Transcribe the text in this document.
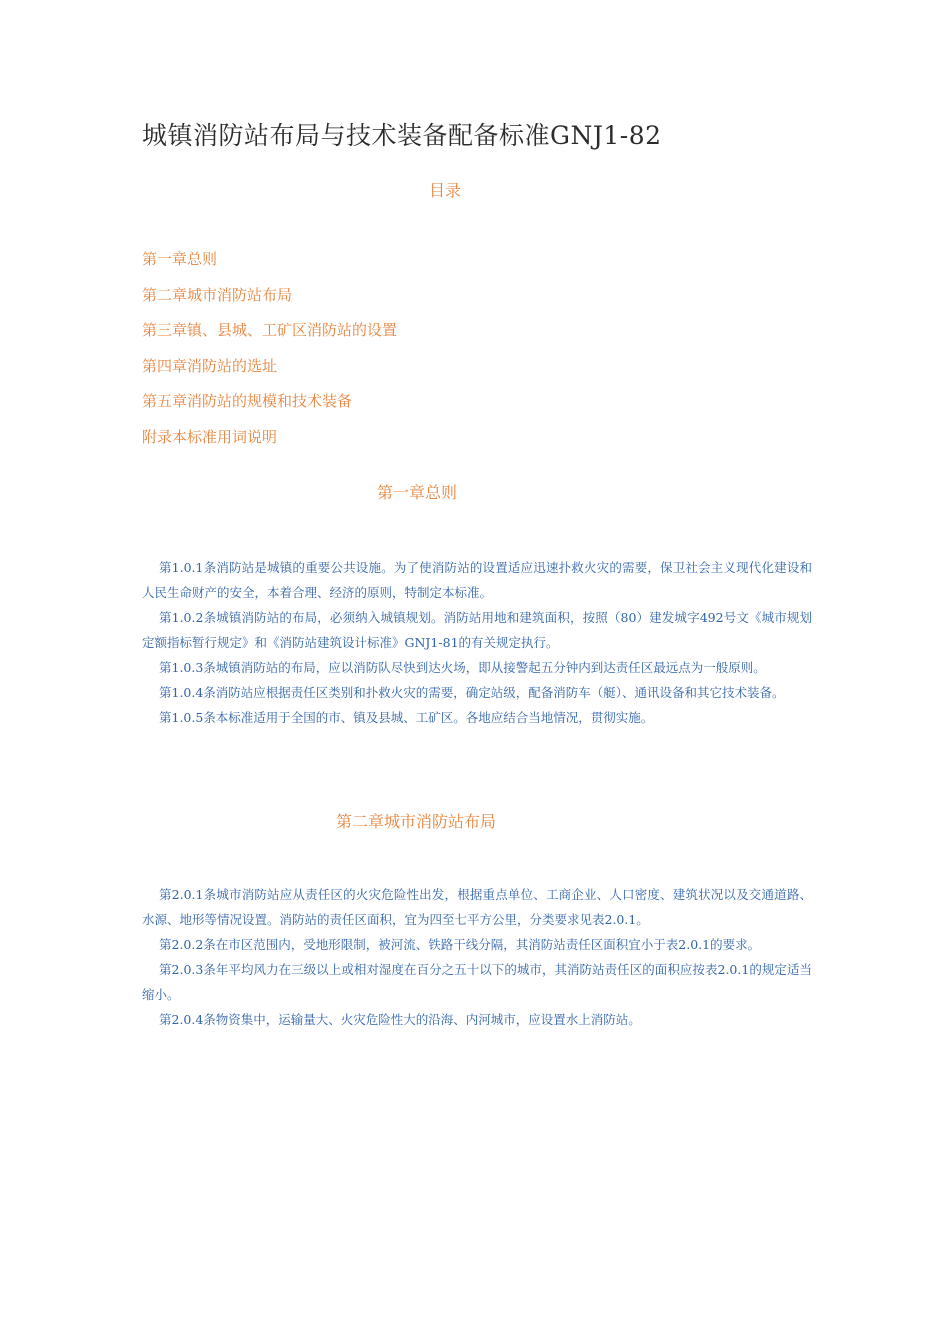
城镇消防站布局与技术装备配备标准GNJ1-82
目录
第一章总则
第二章城市消防站布局
第三章镇、县城、工矿区消防站的设置
第四章消防站的选址
第五章消防站的规模和技术装备
附录本标准用词说明
第一章总则

第1.0.1条消防站是城镇的重要公共设施。为了使消防站的设置适应迅速扑救火灾的需要，保卫社会主义现代化建设和人民生命财产的安全，本着合理、经济的原则，特制定本标准。

第1.0.2条城镇消防站的布局，必须纳入城镇规划。消防站用地和建筑面积，按照（80）建发城字492号文《城市规划定额指标暂行规定》和《消防站建筑设计标准》GNJ1-81的有关规定执行。

第1.0.3条城镇消防站的布局，应以消防队尽快到达火场，即从接警起五分钟内到达责任区最远点为一般原则。

第1.0.4条消防站应根据责任区类别和扑救火灾的需要，确定站级，配备消防车（艇）、通讯设备和其它技术装备。

第1.0.5条本标准适用于全国的市、镇及县城、工矿区。各地应结合当地情况，贯彻实施。

第二章城市消防站布局

第2.0.1条城市消防站应从责任区的火灾危险性出发，根据重点单位、工商企业、人口密度、建筑状况以及交通道路、水源、地形等情况设置。消防站的责任区面积，宜为四至七平方公里，分类要求见表2.0.1。

第2.0.2条在市区范围内，受地形限制，被河流、铁路干线分隔，其消防站责任区面积宜小于表2.0.1的要求。

第2.0.3条年平均风力在三级以上或相对湿度在百分之五十以下的城市，其消防站责任区的面积应按表2.0.1的规定适当缩小。

第2.0.4条物资集中，运输量大、火灾危险性大的沿海、内河城市，应设置水上消防站。
